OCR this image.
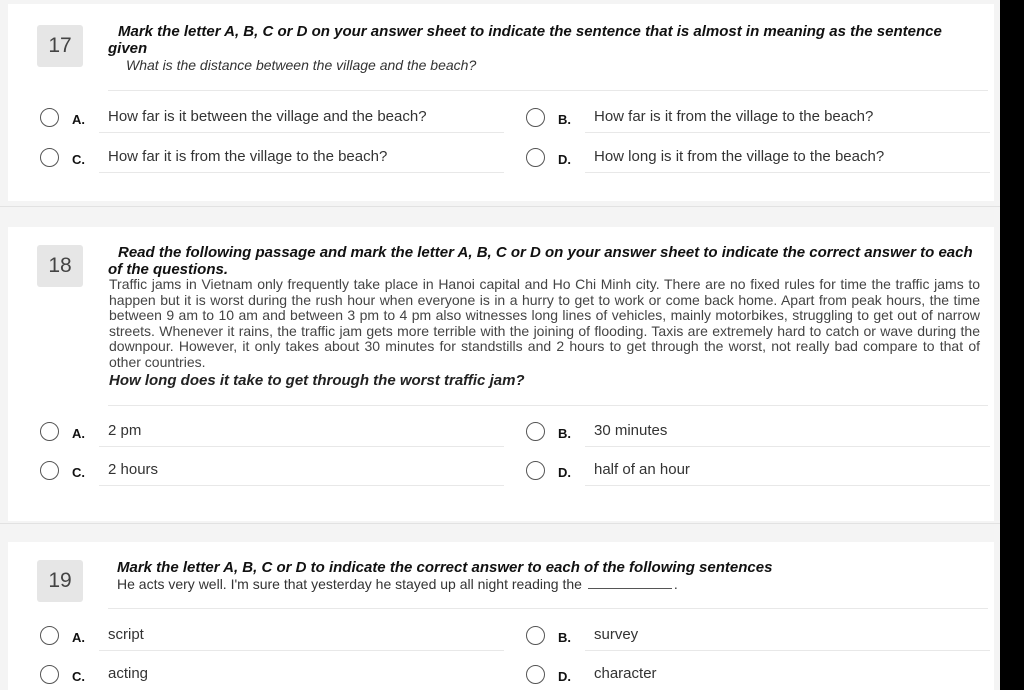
17
Mark the letter A, B, C or D on your answer sheet to indicate the sentence that is almost in meaning as the sentence given
What is the distance between the village and the beach?
A. How far is it between the village and the beach?	B. How far is it from the village to the beach?
C. How far it is from the village to the beach?	D. How long is it from the village to the beach?
18
Read the following passage and mark the letter A, B, C or D on your answer sheet to indicate the correct answer to each of the questions.
Traffic jams in Vietnam only frequently take place in Hanoi capital and Ho Chi Minh city. There are no fixed rules for time the traffic jams to happen but it is worst during the rush hour when everyone is in a hurry to get to work or come back home. Apart from peak hours, the time between 9 am to 10 am and between 3 pm to 4 pm also witnesses long lines of vehicles, mainly motorbikes, struggling to get out of narrow streets. Whenever it rains, the traffic jam gets more terrible with the joining of flooding. Taxis are extremely hard to catch or wave during the downpour. However, it only takes about 30 minutes for standstills and 2 hours to get through the worst, not really bad compare to that of other countries.
How long does it take to get through the worst traffic jam?
A. 2 pm	B. 30 minutes
C. 2 hours	D. half of an hour
19
Mark the letter A, B, C or D to indicate the correct answer to each of the following sentences
He acts very well. I'm sure that yesterday he stayed up all night reading the	.
A. script	B. survey
C. acting	D. character
